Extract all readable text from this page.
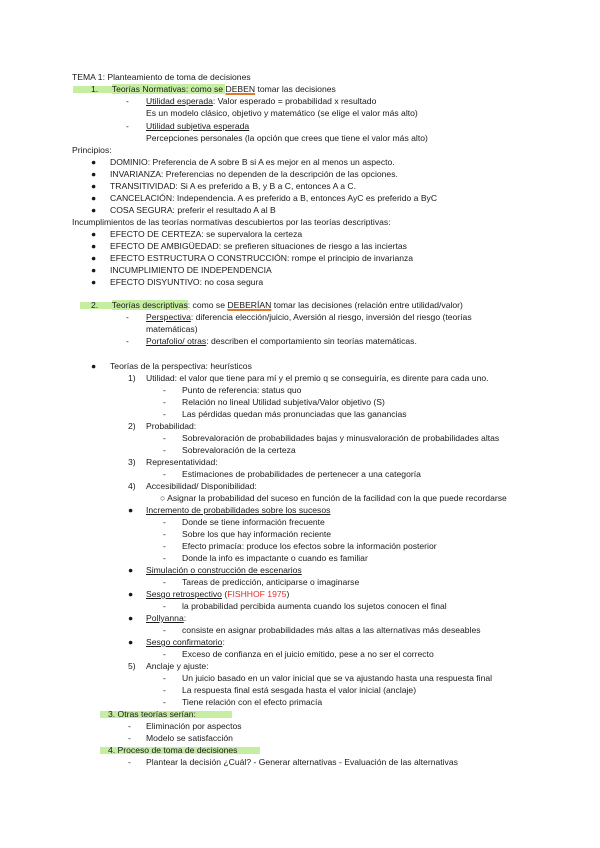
TEMA 1: Planteamiento de toma de decisiones
1. Teorías Normativas: como se DEBEN tomar las decisiones
- Utilidad esperada: Valor esperado = probabilidad x resultado
Es un modelo clásico, objetivo y matemático (se elige el valor más alto)
- Utilidad subjetiva esperada
Percepciones personales (la opción que crees que tiene el valor más alto)
Principios:
● DOMINIO: Preferencia de A sobre B si A es mejor en al menos un aspecto.
● INVARIANZA: Preferencias no dependen de la descripción de las opciones.
● TRANSITIVIDAD: Si A es preferido a B, y B a C, entonces A a C.
● CANCELACIÓN: Independencia. A es preferido a B, entonces AyC es preferido a ByC
● COSA SEGURA: preferir el resultado A al B
Incumplimientos de las teorías normativas descubiertos por las teorías descriptivas:
● EFECTO DE CERTEZA: se supervalora la certeza
● EFECTO DE AMBIGÜEDAD: se prefieren situaciones de riesgo a las inciertas
● EFECTO ESTRUCTURA O CONSTRUCCIÓN: rompe el principio de invarianza
● INCUMPLIMIENTO DE INDEPENDENCIA
● EFECTO DISYUNTIVO: no cosa segura
2. Teorías descriptivas: como se DEBERÍAN tomar las decisiones (relación entre utilidad/valor)
- Perspectiva: diferencia elección/juicio, Aversión al riesgo, inversión del riesgo (teorías
matemáticas)
- Portafolio/ otras: describen el comportamiento sin teorías matemáticas.
● Teorías de la perspectiva: heurísticos
1) Utilidad: el valor que tiene para mí y el premio q se conseguiría, es dirente para cada uno.
- Punto de referencia: status quo
- Relación no lineal Utilidad subjetiva/Valor objetivo (S)
- Las pérdidas quedan más pronunciadas que las ganancias
2) Probabilidad:
- Sobrevaloración de probabilidades bajas y minusvaloración de probabilidades altas
- Sobrevaloración de la certeza
3) Representatividad:
- Estimaciones de probabilidades de pertenecer a una categoría
4) Accesibilidad/ Disponibilidad:
○ Asignar la probabilidad del suceso en función de la facilidad con la que puede recordarse
● Incremento de probabilidades sobre los sucesos
- Donde se tiene información frecuente
- Sobre los que hay información reciente
- Efecto primacía: produce los efectos sobre la información posterior
- Donde la info es impactante o cuando es familiar
● Simulación o construcción de escenarios
- Tareas de predicción, anticiparse o imaginarse
● Sesgo retrospectivo (FISHHOF 1975)
- la probabilidad percibida aumenta cuando los sujetos conocen el final
● Pollyanna:
- consiste en asignar probabilidades más altas a las alternativas más deseables
● Sesgo confirmatorio:
- Exceso de confianza en el juicio emitido, pese a no ser el correcto
5) Anclaje y ajuste:
- Un juicio basado en un valor inicial que se va ajustando hasta una respuesta final
- La respuesta final está sesgada hasta el valor inicial (anclaje)
- Tiene relación con el efecto primacía
3. Otras teorías serían:
- Eliminación por aspectos
- Modelo se satisfacción
4. Proceso de toma de decisiones
- Plantear la decisión ¿Cuál? - Generar alternativas - Evaluación de las alternativas
